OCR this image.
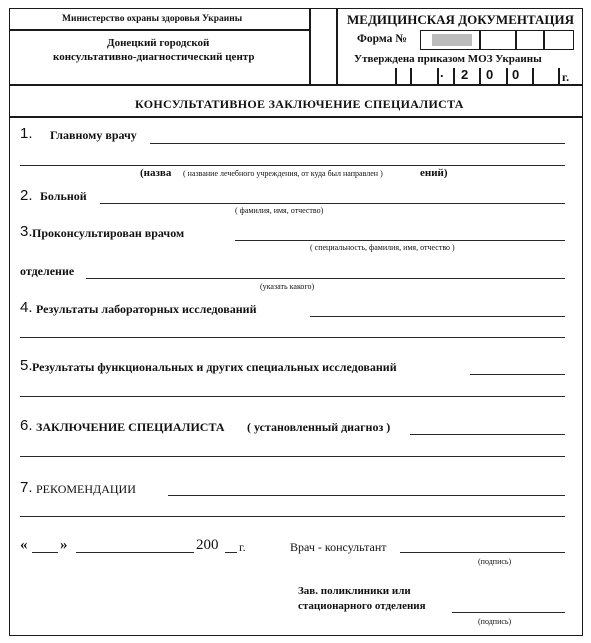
Министерство охраны здоровья Украины
Донецкий городской
консультативно-диагностический центр
МЕДИЦИНСКАЯ ДОКУМЕНТАЦИЯ
Форма №
Утверждена приказом МОЗ Украины
. 2 0 0	г.
КОНСУЛЬТАТИВНОЕ ЗАКЛЮЧЕНИЕ СПЕЦИАЛИСТА
1. Главному врачу
(назва ( название лечебного учреждения, от куда был направлен )	ений)
2. Больной
( фамилия, имя, отчество)
3. Проконсультирован врачом
( специальность, фамилия, имя, отчество )
отделение
(указать какого)
4. Результаты лабораторных исследований
5. Результаты функциональных и других специальных исследований
6. ЗАКЛЮЧЕНИЕ СПЕЦИАЛИСТА ( установленный диагноз )
7. РЕКОМЕНДАЦИИ
« »	200 г.	Врач - консультант
(подпись)
Зав. поликлиники или
стационарного отделения
(подпись)
